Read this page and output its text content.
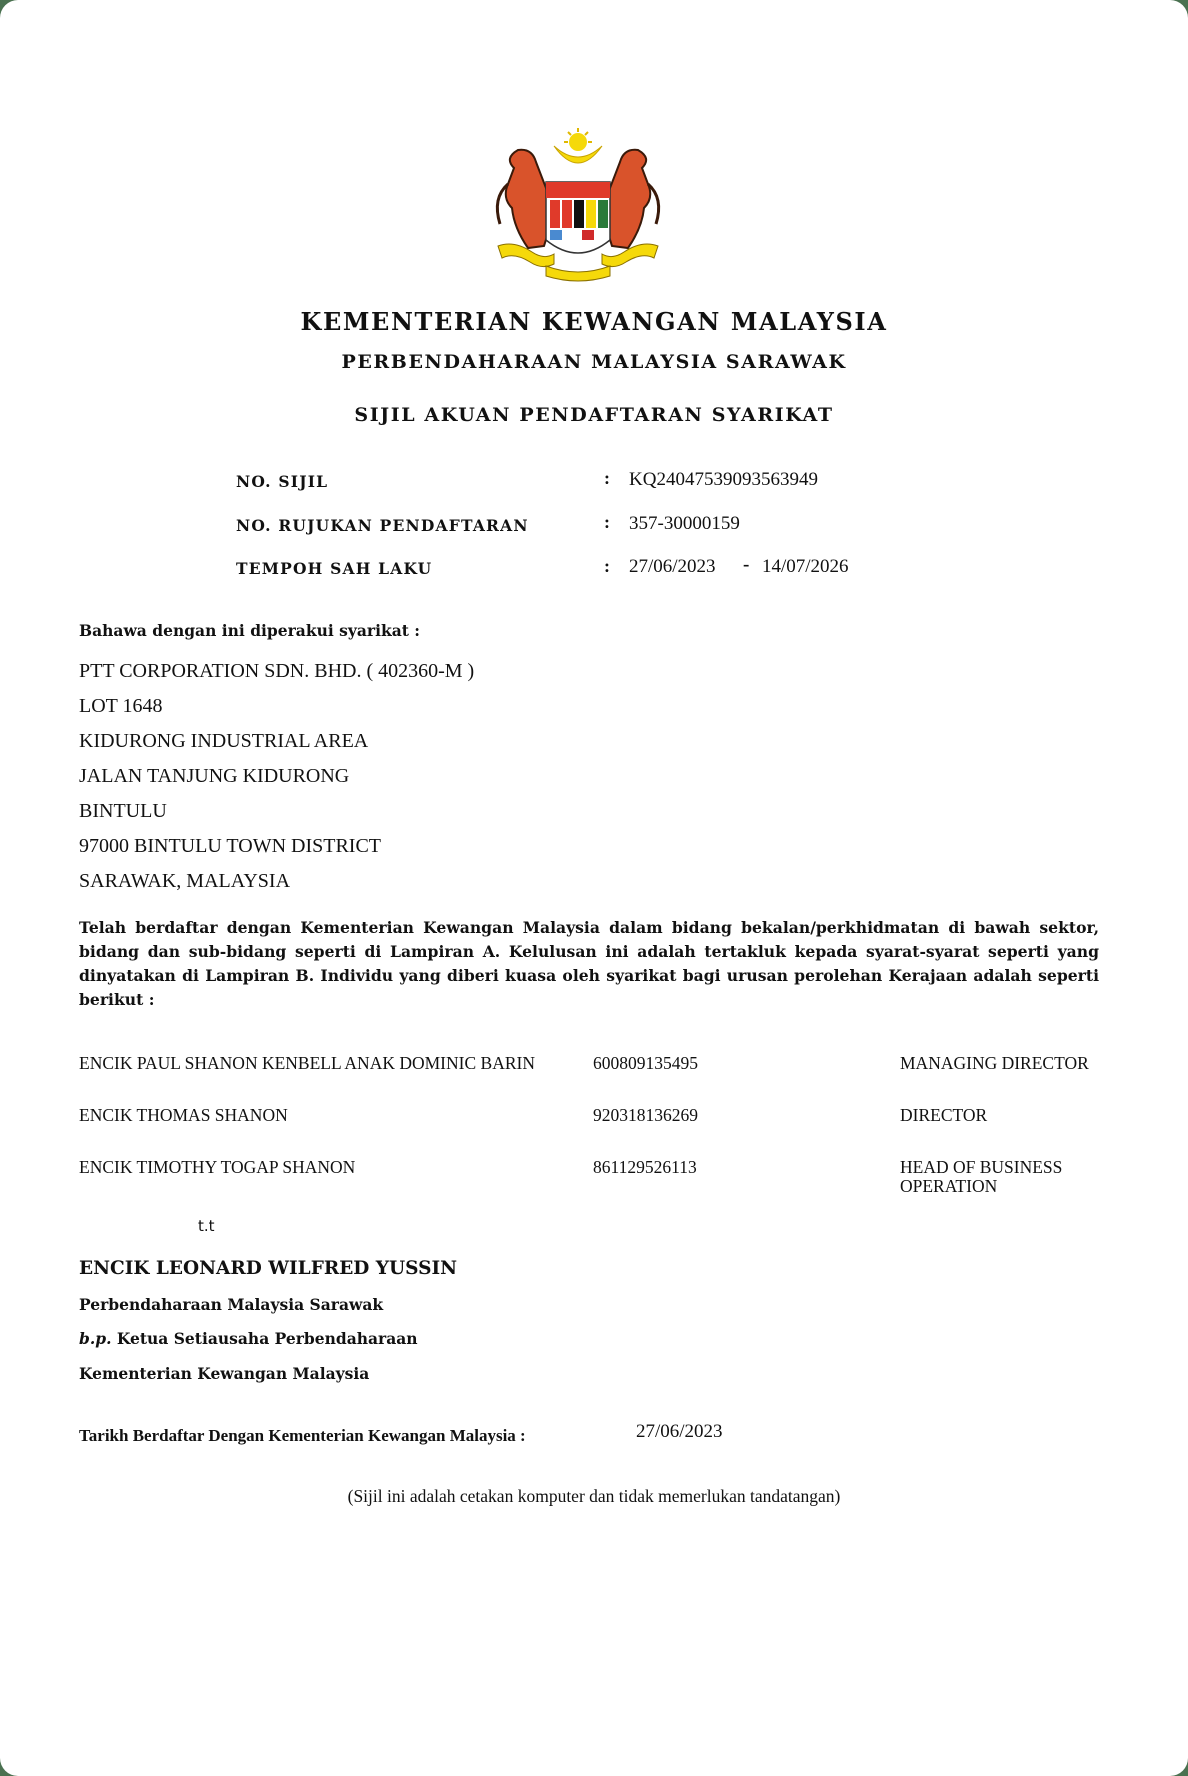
KEMENTERIAN KEWANGAN MALAYSIA
PERBENDAHARAAN MALAYSIA SARAWAK
SIJIL AKUAN PENDAFTARAN SYARIKAT
NO. SIJIL	: KQ24047539093563949
NO. RUJUKAN PENDAFTARAN	: 357-30000159
TEMPOH SAH LAKU	: 27/06/2023 - 14/07/2026
Bahawa dengan ini diperakui syarikat :
PTT CORPORATION SDN. BHD. ( 402360-M )
LOT 1648
KIDURONG INDUSTRIAL AREA
JALAN TANJUNG KIDURONG
BINTULU
97000 BINTULU TOWN DISTRICT
SARAWAK, MALAYSIA
Telah berdaftar dengan Kementerian Kewangan Malaysia dalam bidang bekalan/perkhidmatan di bawah sektor, bidang dan sub-bidang seperti di Lampiran A. Kelulusan ini adalah tertakluk kepada syarat-syarat seperti yang dinyatakan di Lampiran B. Individu yang diberi kuasa oleh syarikat bagi urusan perolehan Kerajaan adalah seperti berikut :
ENCIK PAUL SHANON KENBELL ANAK DOMINIC BARIN	600809135495	MANAGING DIRECTOR
ENCIK THOMAS SHANON	920318136269	DIRECTOR
ENCIK TIMOTHY TOGAP SHANON	861129526113	HEAD OF BUSINESS OPERATION
t.t
ENCIK LEONARD WILFRED YUSSIN
Perbendaharaan Malaysia Sarawak
b.p. Ketua Setiausaha Perbendaharaan
Kementerian Kewangan Malaysia
Tarikh Berdaftar Dengan Kementerian Kewangan Malaysia :	27/06/2023
(Sijil ini adalah cetakan komputer dan tidak memerlukan tandatangan)
